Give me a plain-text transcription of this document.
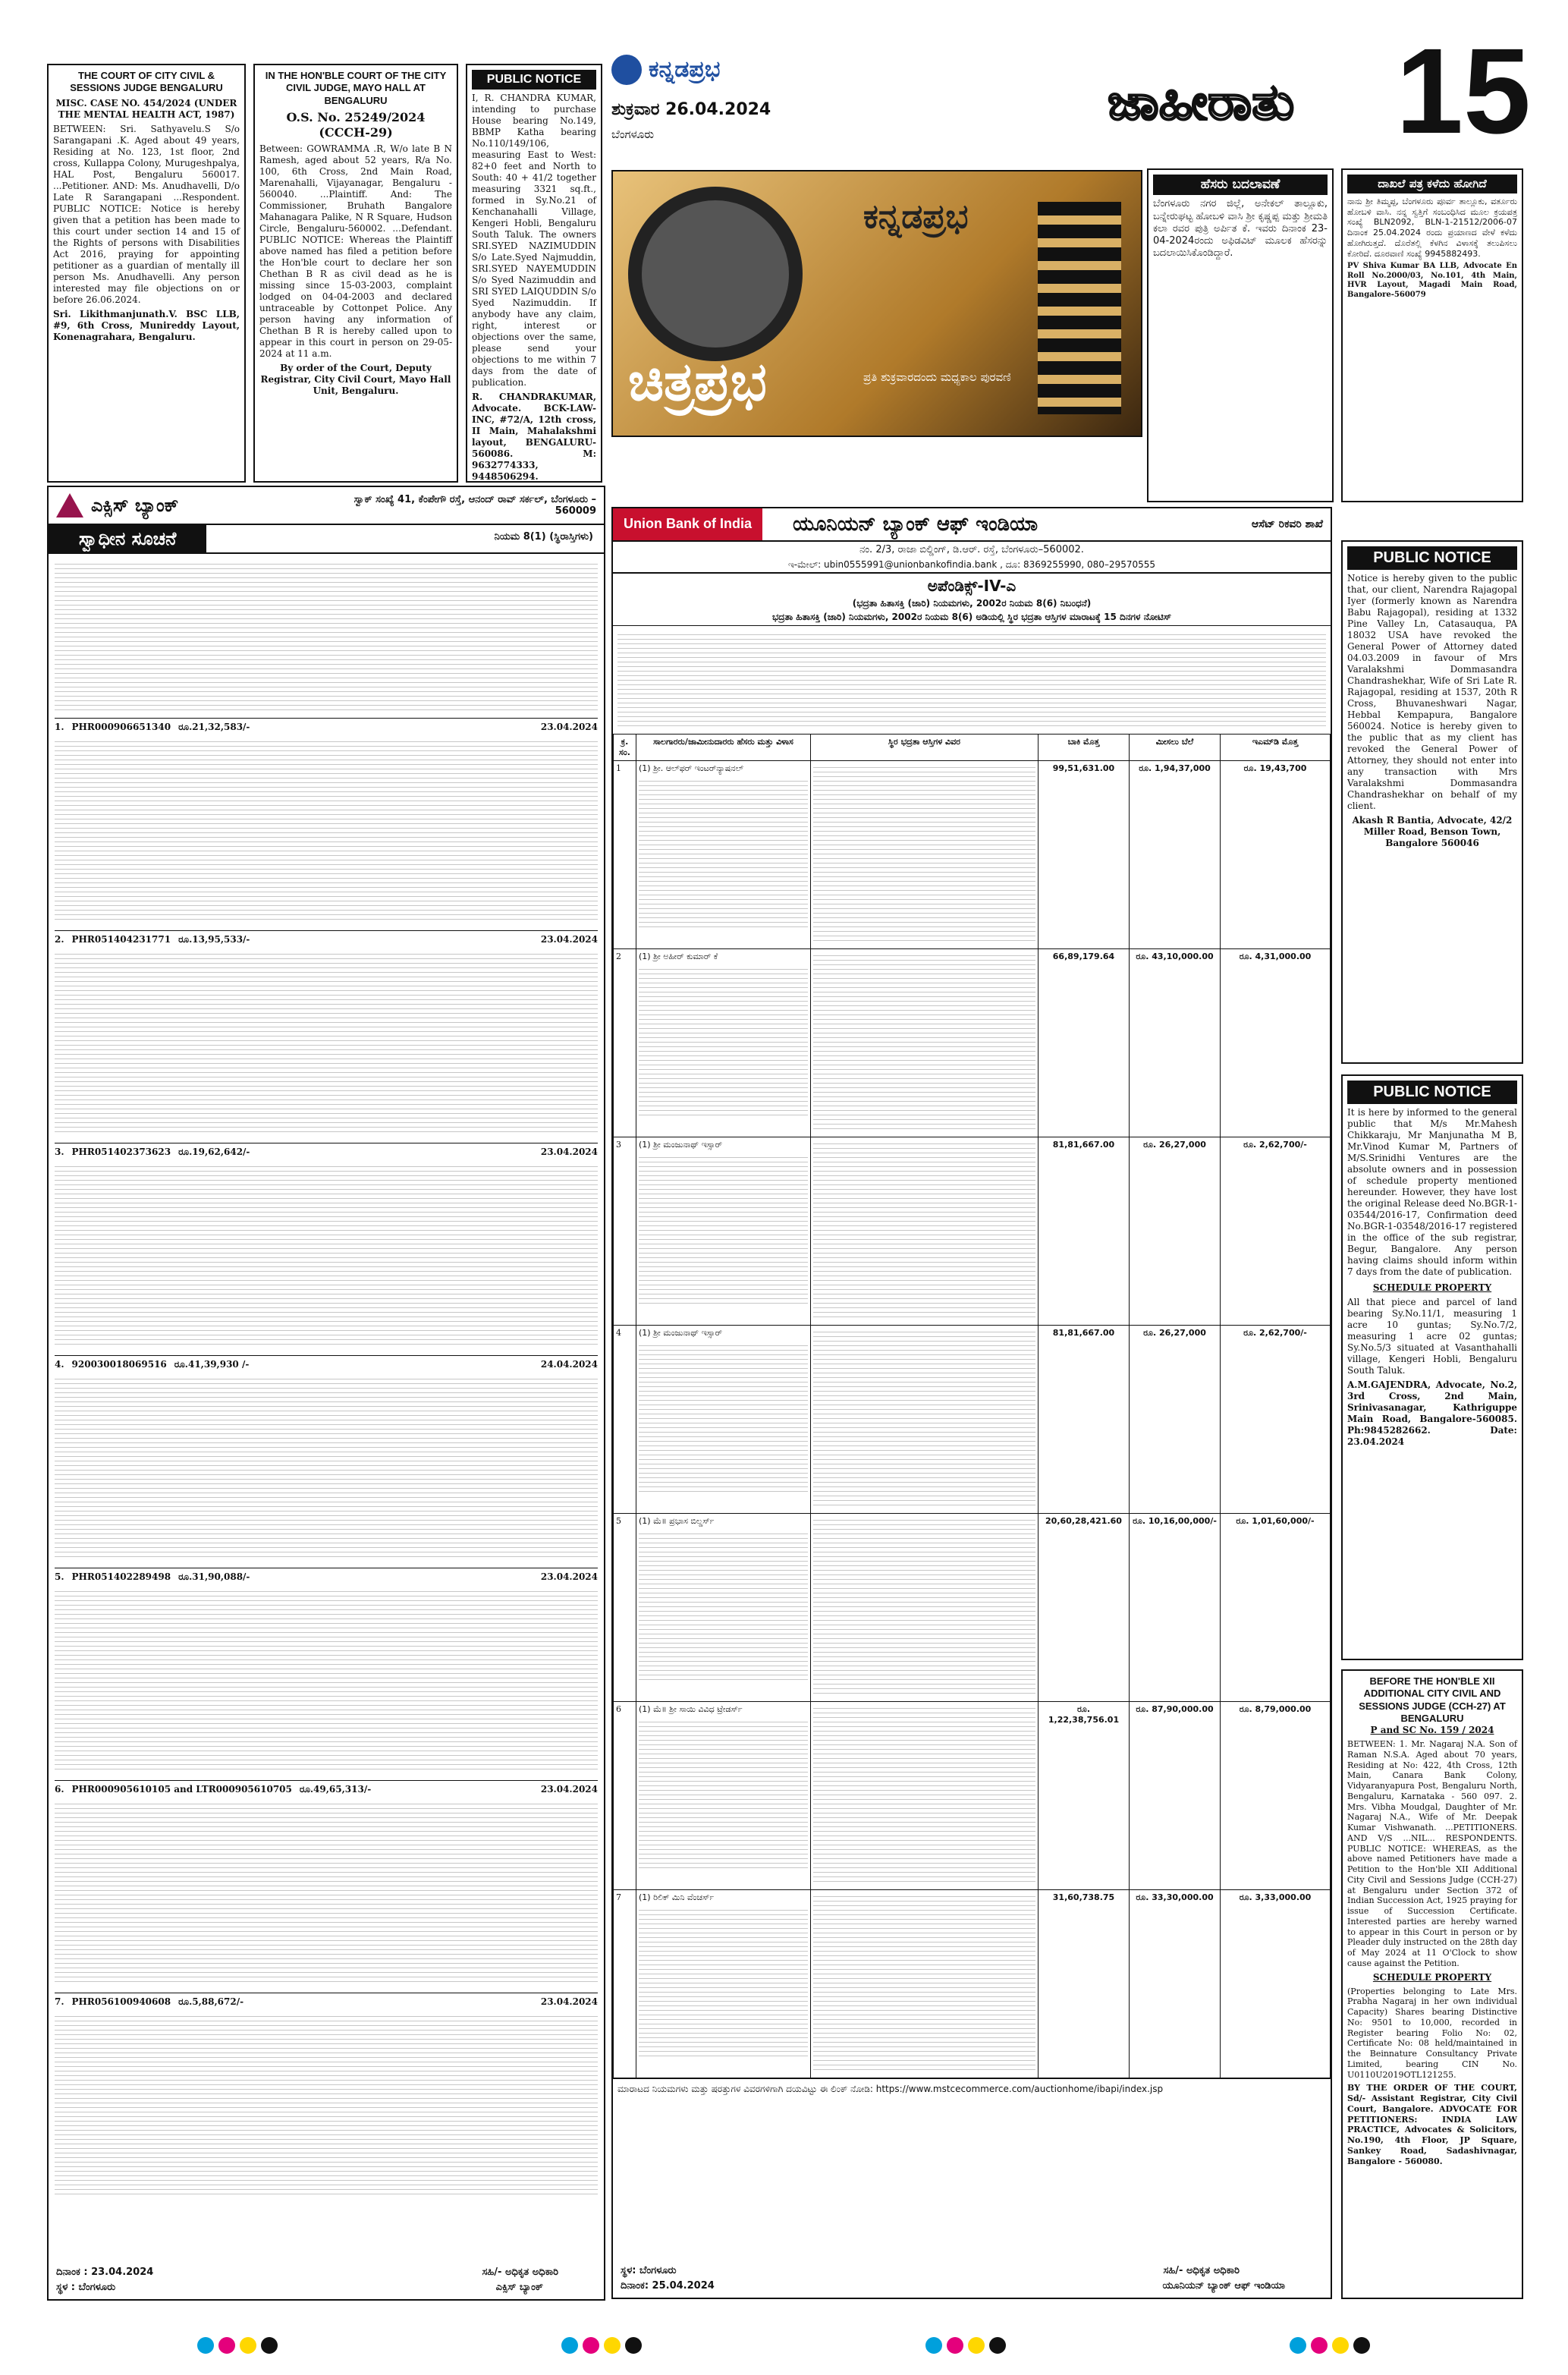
ಕನ್ನಡಪ್ರಭ
ಶುಕ್ರವಾರ 26.04.2024
ಬೆಂಗಳೂರು
ಜಾಹೀರಾತು 15
THE COURT OF CITY CIVIL & SESSIONS JUDGE BENGALURU
MISC. CASE NO. 454/2024 (UNDER THE MENTAL HEALTH ACT, 1987)

BETWEEN: Sri. Sathyavelu.S S/o Sarangapani .K. Aged about 49 years, Residing at No. 123, 1st floor, 2nd cross, Kullappa Colony, Murugeshpalya, HAL Post, Bengaluru 560017. ...Petitioner. AND: Ms. Anudhavelli, D/o Late R Sarangapani ...Respondent. PUBLIC NOTICE: Notice is hereby given that a petition has been made to this court under section 14 and 15 of the Rights of persons with Disabilities Act 2016, praying for appointing petitioner as a guardian of mentally ill person Ms. Anudhavelli. Any person interested may file objections on or before 26.06.2024.

Sri. Likithmanjunath.V. BSC LLB, #9, 6th Cross, Munireddy Layout, Konenagrahara, Bengaluru.

IN THE HON'BLE COURT OF THE CITY CIVIL JUDGE, MAYO HALL AT BENGALURU
O.S. No. 25249/2024 (CCCH-29)

Between: GOWRAMMA .R, W/o late B N Ramesh, aged about 52 years, R/a No. 100, 6th Cross, 2nd Main Road, Marenahalli, Vijayanagar, Bengaluru - 560040. ...Plaintiff. And: The Commissioner, Bruhath Bangalore Mahanagara Palike, N R Square, Hudson Circle, Bengaluru-560002. ...Defendant. PUBLIC NOTICE: Whereas the Plaintiff above named has filed a petition before the Hon'ble court to declare her son Chethan B R as civil dead as he is missing since 15-03-2003, complaint lodged on 04-04-2003 and declared untraceable by Cottonpet Police. Any person having any information of Chethan B R is hereby called upon to appear in this court in person on 29-05-2024 at 11 a.m.

By order of the Court, Deputy Registrar, City Civil Court, Mayo Hall Unit, Bengaluru.

PUBLIC NOTICE

I, R. CHANDRA KUMAR, intending to purchase House bearing No.149, BBMP Katha bearing No.110/149/106, measuring East to West: 82+0 feet and North to South: 40 + 41/2 together measuring 3321 sq.ft., formed in Sy.No.21 of Kenchanahalli Village, Kengeri Hobli, Bengaluru South Taluk. The owners SRI.SYED NAZIMUDDIN S/o Late.Syed Najmuddin, SRI.SYED NAYEMUDDIN S/o Syed Nazimuddin and SRI SYED LAIQUDDIN S/o Syed Nazimuddin. If anybody have any claim, right, interest or objections over the same, please send your objections to me within 7 days from the date of publication.

R. CHANDRAKUMAR, Advocate. BCK-LAW-INC, #72/A, 12th cross, II Main, Mahalakshmi layout, BENGALURU-560086. M: 9632774333, 9448506294.

ಕನ್ನಡಪ್ರಭ
ಚಿತ್ರಪ್ರಭ	ಪ್ರತಿ ಶುಕ್ರವಾರದಂದು ಮಧ್ಯಕಾಲ ಪುರವಣಿ
ಹೆಸರು ಬದಲಾವಣೆ

ಬೆಂಗಳೂರು ನಗರ ಜಿಲ್ಲೆ, ಅನೇಕಲ್ ತಾಲ್ಲೂಕು, ಬನ್ನೇರುಘಟ್ಟ ಹೋಬಳಿ ವಾಸಿ ಶ್ರೀ ಕೃಷ್ಣಪ್ಪ ಮತ್ತು ಶ್ರೀಮತಿ ಕಲಾ ರವರ ಪುತ್ರಿ ಅರ್ಪಿತ ಕೆ. ಇವರು ದಿನಾಂಕ 23-04-2024ರಂದು ಅಫಿಡವಿಟ್ ಮೂಲಕ ಹೆಸರನ್ನು ಬದಲಾಯಿಸಿಕೊಂಡಿದ್ದಾರೆ.

ದಾಖಲೆ ಪತ್ರ ಕಳೆದು ಹೋಗಿದೆ

ನಾನು ಶ್ರೀ ತಿಮ್ಮಪ್ಪ, ಬೆಂಗಳೂರು ಪೂರ್ವ ತಾಲ್ಲೂಕು, ವರ್ತೂರು ಹೋಬಳಿ ವಾಸಿ. ನನ್ನ ಸ್ವತ್ತಿಗೆ ಸಂಬಂಧಿಸಿದ ಮೂಲ ಕ್ರಯಪತ್ರ ಸಂಖ್ಯೆ BLN2092, BLN-1-21512/2006-07 ದಿನಾಂಕ 25.04.2024 ರಂದು ಪ್ರಯಾಣದ ವೇಳೆ ಕಳೆದು ಹೋಗಿರುತ್ತದೆ. ದೊರೆತಲ್ಲಿ ಕೆಳಗಿನ ವಿಳಾಸಕ್ಕೆ ತಲುಪಿಸಲು ಕೋರಿದೆ. ದೂರವಾಣಿ ಸಂಖ್ಯೆ 9945882493.

PV Shiva Kumar BA LLB, Advocate En Roll No.2000/03, No.101, 4th Main, HVR Layout, Magadi Main Road, Bangalore-560079

ಎಕ್ಸಿಸ್ ಬ್ಯಾಂಕ್	ಸ್ವಾಕ್ ಸಂಖ್ಯೆ 41, ಕೆಂಪೇಗೌ ರಸ್ತೆ, ಆನಂದ್ ರಾವ್ ಸರ್ಕಲ್, ಬೆಂಗಳೂರು –560009
ಸ್ವಾಧೀನ ಸೂಚನೆ	ನಿಯಮ 8(1) (ಸ್ಥಿರಾಸ್ತಿಗಳು)
1. PHR000906651340 ರೂ.21,32,583/-	23.04.2024
2. PHR051404231771 ರೂ.13,95,533/-	23.04.2024
3. PHR051402373623 ರೂ.19,62,642/-	23.04.2024
4. 920030018069516 ರೂ.41,39,930 /-	24.04.2024
5. PHR051402289498 ರೂ.31,90,088/-	23.04.2024
6. PHR000905610105 and LTR000905610705 ರೂ.49,65,313/-	23.04.2024
7. PHR056100940608 ರೂ.5,88,672/-	23.04.2024
ದಿನಾಂಕ : 23.04.2024
ಸ್ಥಳ : ಬೆಂಗಳೂರು
ಸಹಿ/- ಅಧಿಕೃತ ಅಧಿಕಾರಿ
ಎಕ್ಸಿಸ್ ಬ್ಯಾಂಕ್
Union Bank of India	ಯೂನಿಯನ್ ಬ್ಯಾಂಕ್ ಆಫ್ ಇಂಡಿಯಾ	ಆಸೆಟ್ ರಿಕವರಿ ಶಾಖೆ
ನಂ. 2/3, ರಾಜಾ ಬಿಲ್ಡಿಂಗ್, ಡಿ.ಆರ್. ರಸ್ತೆ, ಬೆಂಗಳೂರು–560002.
ಇ-ಮೇಲ್: ubin0555991@unionbankofindia.bank , ದೂ: 8369255990, 080–29570555
ಅಪೆಂಡಿಕ್ಸ್-IV-ಎ
(ಭದ್ರತಾ ಹಿತಾಸಕ್ತಿ (ಜಾರಿ) ನಿಯಮಗಳು, 2002ರ ನಿಯಮ 8(6) ನಿಬಂಧನೆ)
ಭದ್ರತಾ ಹಿತಾಸಕ್ತಿ (ಜಾರಿ) ನಿಯಮಗಳು, 2002ರ ನಿಯಮ 8(6) ಅಡಿಯಲ್ಲಿ ಸ್ಥಿರ ಭದ್ರತಾ ಆಸ್ತಿಗಳ ಮಾರಾಟಕ್ಕೆ 15 ದಿನಗಳ ನೋಟಿಸ್
ಕ್ರ. ಸಂ.	ಸಾಲಗಾರರು/ಜಾಮೀನುದಾರರು ಹೆಸರು ಮತ್ತು ವಿಳಾಸ	ಸ್ಥಿರ ಭದ್ರತಾ ಆಸ್ತಿಗಳ ವಿವರ	ಬಾಕಿ ಮೊತ್ತ	ಮೀಸಲು ಬೆಲೆ	ಇಎಮ್‌ಡಿ ಮೊತ್ತ
1	(1) ಶ್ರೀ. ಆಲ್‌ಫರ್ ಇಂಟರ್‌ನ್ಯಾಷನಲ್		99,51,631.00	ರೂ. 1,94,37,000	ರೂ. 19,43,700
2	(1) ಶ್ರೀ ಅಹೀರ್ ಕುಮಾರ್ ಕೆ		66,89,179.64	ರೂ. 43,10,000.00	ರೂ. 4,31,000.00
3	(1) ಶ್ರೀ ಮಂಜುನಾಥ್ ಇಸ್ಸಾರ್		81,81,667.00	ರೂ. 26,27,000	ರೂ. 2,62,700/-
4	(1) ಶ್ರೀ ಮಂಜುನಾಥ್ ಇಸ್ಸಾರ್		81,81,667.00	ರೂ. 26,27,000	ರೂ. 2,62,700/-
5	(1) ಮೆ॥ ಪ್ರಭಾಸ ಬಿಲ್ಡರ್ಸ್		20,60,28,421.60	ರೂ. 10,16,00,000/-	ರೂ. 1,01,60,000/-
6	(1) ಮೆ॥ ಶ್ರೀ ಸಾಯಿ ವಿವಿಧ ಟ್ರೇಡರ್ಸ್		ರೂ. 1,22,38,756.01	ರೂ. 87,90,000.00	ರೂ. 8,79,000.00
7	(1) ರಿಲಿಕ್ ಮಿನಿ ವೆಂಚರ್ಸ್		31,60,738.75	ರೂ. 33,30,000.00	ರೂ. 3,33,000.00
ಮಾರಾಟದ ನಿಯಮಗಳು ಮತ್ತು ಷರತ್ತುಗಳ ವಿವರಗಳಿಗಾಗಿ ದಯವಿಟ್ಟು ಈ ಲಿಂಕ್ ನೋಡಿ: https://www.mstcecommerce.com/auctionhome/ibapi/index.jsp
ಸ್ಥಳ: ಬೆಂಗಳೂರು
ದಿನಾಂಕ: 25.04.2024
ಸಹಿ/- ಅಧಿಕೃತ ಅಧಿಕಾರಿ
ಯೂನಿಯನ್ ಬ್ಯಾಂಕ್ ಆಫ್ ಇಂಡಿಯಾ
PUBLIC NOTICE

Notice is hereby given to the public that, our client, Narendra Rajagopal Iyer (formerly known as Narendra Babu Rajagopal), residing at 1332 Pine Valley Ln, Catasauqua, PA 18032 USA have revoked the General Power of Attorney dated 04.03.2009 in favour of Mrs Varalakshmi Dommasandra Chandrashekhar, Wife of Sri Late R. Rajagopal, residing at 1537, 20th R Cross, Bhuvaneshwari Nagar, Hebbal Kempapura, Bangalore 560024. Notice is hereby given to the public that as my client has revoked the General Power of Attorney, they should not enter into any transaction with Mrs Varalakshmi Dommasandra Chandrashekhar on behalf of my client.

Akash R Bantia, Advocate, 42/2 Miller Road, Benson Town, Bangalore 560046

PUBLIC NOTICE

It is here by informed to the general public that M/s Mr.Mahesh Chikkaraju, Mr Manjunatha M B, Mr.Vinod Kumar M, Partners of M/S.Srinidhi Ventures are the absolute owners and in possession of schedule property mentioned hereunder. However, they have lost the original Release deed No.BGR-1-03544/2016-17, Confirmation deed No.BGR-1-03548/2016-17 registered in the office of the sub registrar, Begur, Bangalore. Any person having claims should inform within 7 days from the date of publication.

SCHEDULE PROPERTY

All that piece and parcel of land bearing Sy.No.11/1, measuring 1 acre 10 guntas; Sy.No.7/2, measuring 1 acre 02 guntas; Sy.No.5/3 situated at Vasanthahalli village, Kengeri Hobli, Bengaluru South Taluk.

A.M.GAJENDRA, Advocate, No.2, 3rd Cross, 2nd Main, Srinivasanagar, Kathriguppe Main Road, Bangalore-560085. Ph:9845282662. Date: 23.04.2024

BEFORE THE HON'BLE XII ADDITIONAL CITY CIVIL AND SESSIONS JUDGE (CCH-27) AT BENGALURU
P and SC No. 159 / 2024

BETWEEN: 1. Mr. Nagaraj N.A. Son of Raman N.S.A. Aged about 70 years, Residing at No: 422, 4th Cross, 12th Main, Canara Bank Colony, Vidyaranyapura Post, Bengaluru North, Bengaluru, Karnataka - 560 097. 2. Mrs. Vibha Moudgal, Daughter of Mr. Nagaraj N.A., Wife of Mr. Deepak Kumar Vishwanath. ...PETITIONERS. AND V/S ...NIL... RESPONDENTS. PUBLIC NOTICE: WHEREAS, as the above named Petitioners have made a Petition to the Hon'ble XII Additional City Civil and Sessions Judge (CCH-27) at Bengaluru under Section 372 of Indian Succession Act, 1925 praying for issue of Succession Certificate. Interested parties are hereby warned to appear in this Court in person or by Pleader duly instructed on the 28th day of May 2024 at 11 O'Clock to show cause against the Petition.

SCHEDULE PROPERTY

(Properties belonging to Late Mrs. Prabha Nagaraj in her own individual Capacity) Shares bearing Distinctive No: 9501 to 10,000, recorded in Register bearing Folio No: 02, Certificate No: 08 held/maintained in the Beinnature Consultancy Private Limited, bearing CIN No. U0110U2019OTL121255.

BY THE ORDER OF THE COURT, Sd/- Assistant Registrar, City Civil Court, Bangalore. ADVOCATE FOR PETITIONERS: INDIA LAW PRACTICE, Advocates & Solicitors, No.190, 4th Floor, JP Square, Sankey Road, Sadashivnagar, Bangalore - 560080.
